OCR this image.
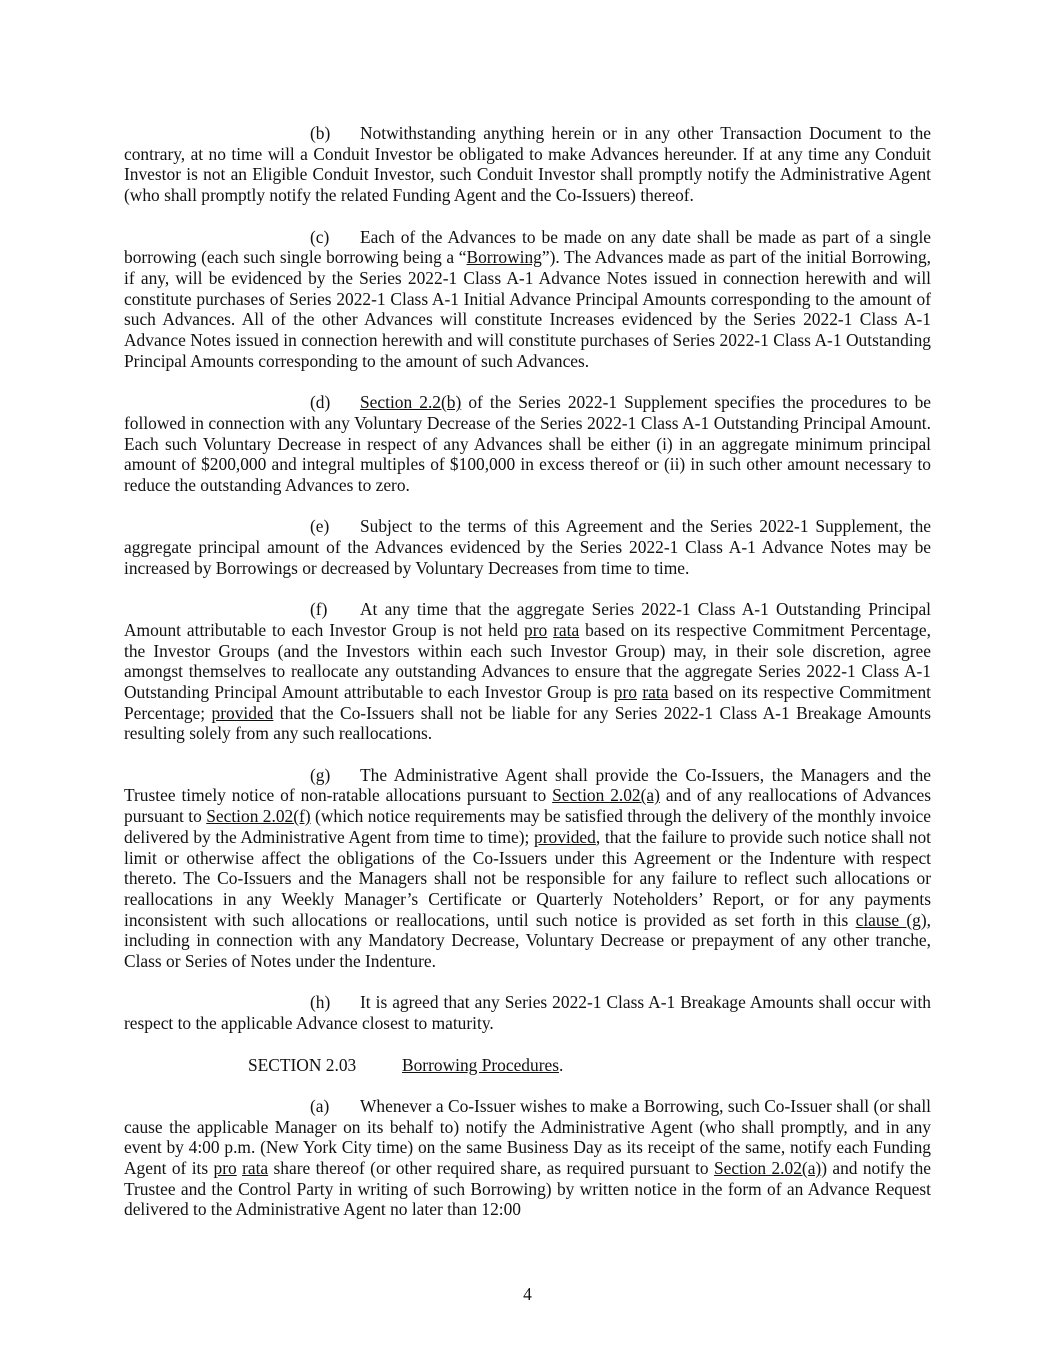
(b) Notwithstanding anything herein or in any other Transaction Document to the contrary, at no time will a Conduit Investor be obligated to make Advances hereunder. If at any time any Conduit Investor is not an Eligible Conduit Investor, such Conduit Investor shall promptly notify the Administrative Agent (who shall promptly notify the related Funding Agent and the Co-Issuers) thereof.

(c) Each of the Advances to be made on any date shall be made as part of a single borrowing (each such single borrowing being a “Borrowing”). The Advances made as part of the initial Borrowing, if any, will be evidenced by the Series 2022-1 Class A-1 Advance Notes issued in connection herewith and will constitute purchases of Series 2022-1 Class A-1 Initial Advance Principal Amounts corresponding to the amount of such Advances. All of the other Advances will constitute Increases evidenced by the Series 2022-1 Class A-1 Advance Notes issued in connection herewith and will constitute purchases of Series 2022-1 Class A-1 Outstanding Principal Amounts corresponding to the amount of such Advances.

(d) Section 2.2(b) of the Series 2022-1 Supplement specifies the procedures to be followed in connection with any Voluntary Decrease of the Series 2022-1 Class A-1 Outstanding Principal Amount. Each such Voluntary Decrease in respect of any Advances shall be either (i) in an aggregate minimum principal amount of $200,000 and integral multiples of $100,000 in excess thereof or (ii) in such other amount necessary to reduce the outstanding Advances to zero.

(e) Subject to the terms of this Agreement and the Series 2022-1 Supplement, the aggregate principal amount of the Advances evidenced by the Series 2022-1 Class A-1 Advance Notes may be increased by Borrowings or decreased by Voluntary Decreases from time to time.

(f) At any time that the aggregate Series 2022-1 Class A-1 Outstanding Principal Amount attributable to each Investor Group is not held pro rata based on its respective Commitment Percentage, the Investor Groups (and the Investors within each such Investor Group) may, in their sole discretion, agree amongst themselves to reallocate any outstanding Advances to ensure that the aggregate Series 2022-1 Class A-1 Outstanding Principal Amount attributable to each Investor Group is pro rata based on its respective Commitment Percentage; provided that the Co-Issuers shall not be liable for any Series 2022-1 Class A-1 Breakage Amounts resulting solely from any such reallocations.

(g) The Administrative Agent shall provide the Co-Issuers, the Managers and the Trustee timely notice of non-ratable allocations pursuant to Section 2.02(a) and of any reallocations of Advances pursuant to Section 2.02(f) (which notice requirements may be satisfied through the delivery of the monthly invoice delivered by the Administrative Agent from time to time); provided, that the failure to provide such notice shall not limit or otherwise affect the obligations of the Co-Issuers under this Agreement or the Indenture with respect thereto. The Co-Issuers and the Managers shall not be responsible for any failure to reflect such allocations or reallocations in any Weekly Manager’s Certificate or Quarterly Noteholders’ Report, or for any payments inconsistent with such allocations or reallocations, until such notice is provided as set forth in this clause (g), including in connection with any Mandatory Decrease, Voluntary Decrease or prepayment of any other tranche, Class or Series of Notes under the Indenture.

(h) It is agreed that any Series 2022-1 Class A-1 Breakage Amounts shall occur with respect to the applicable Advance closest to maturity.

SECTION 2.03	Borrowing Procedures.

(a) Whenever a Co-Issuer wishes to make a Borrowing, such Co-Issuer shall (or shall cause the applicable Manager on its behalf to) notify the Administrative Agent (who shall promptly, and in any event by 4:00 p.m. (New York City time) on the same Business Day as its receipt of the same, notify each Funding Agent of its pro rata share thereof (or other required share, as required pursuant to Section 2.02(a)) and notify the Trustee and the Control Party in writing of such Borrowing) by written notice in the form of an Advance Request delivered to the Administrative Agent no later than 12:00

4
